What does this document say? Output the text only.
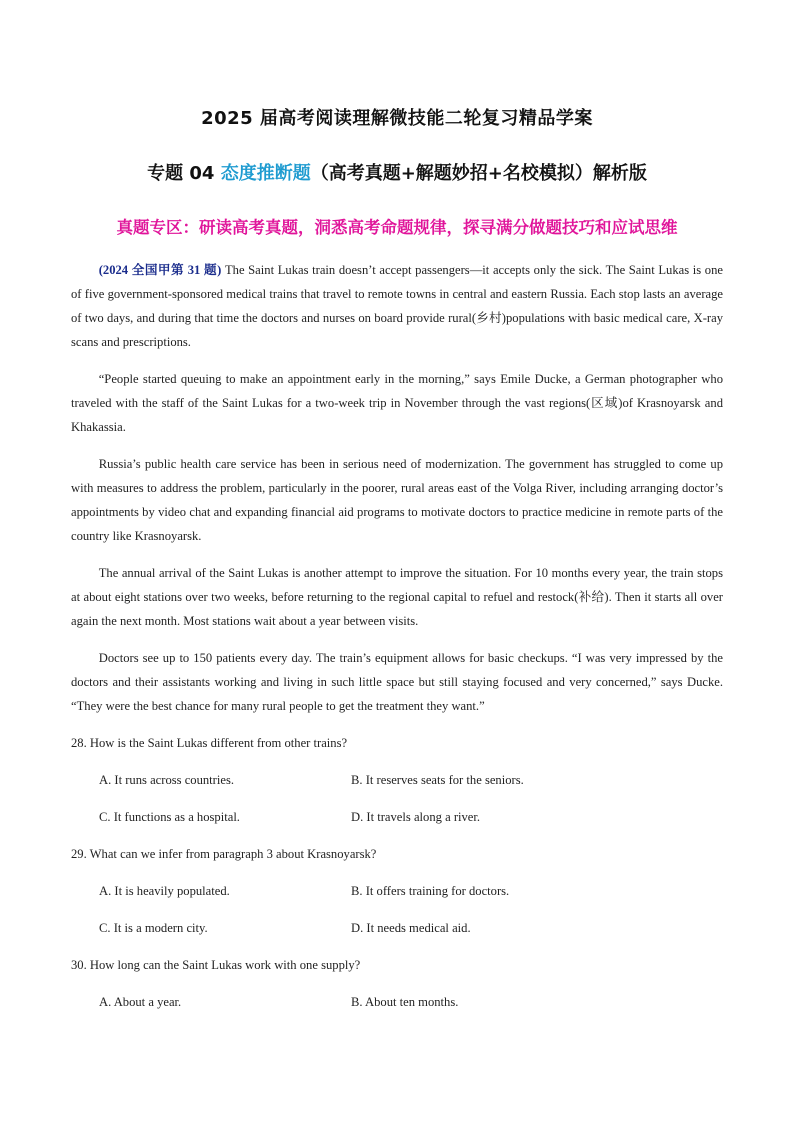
2025 届高考阅读理解微技能二轮复习精品学案
专题 04 态度推断题（高考真题+解题妙招+名校模拟）解析版
真题专区：研读高考真题，洞悉高考命题规律，探寻满分做题技巧和应试思维

(2024 全国甲第 31 题) The Saint Lukas train doesn’t accept passengers—it accepts only the sick. The Saint Lukas is one of five government-sponsored medical trains that travel to remote towns in central and eastern Russia. Each stop lasts an average of two days, and during that time the doctors and nurses on board provide rural(乡村)populations with basic medical care, X-ray scans and prescriptions.

“People started queuing to make an appointment early in the morning,” says Emile Ducke, a German photographer who traveled with the staff of the Saint Lukas for a two-week trip in November through the vast regions(区域)of Krasnoyarsk and Khakassia.

Russia’s public health care service has been in serious need of modernization. The government has struggled to come up with measures to address the problem, particularly in the poorer, rural areas east of the Volga River, including arranging doctor’s appointments by video chat and expanding financial aid programs to motivate doctors to practice medicine in remote parts of the country like Krasnoyarsk.

The annual arrival of the Saint Lukas is another attempt to improve the situation. For 10 months every year, the train stops at about eight stations over two weeks, before returning to the regional capital to refuel and restock(补给). Then it starts all over again the next month. Most stations wait about a year between visits.

Doctors see up to 150 patients every day. The train’s equipment allows for basic checkups. “I was very impressed by the doctors and their assistants working and living in such little space but still staying focused and very concerned,” says Ducke. “They were the best chance for many rural people to get the treatment they want.”

28. How is the Saint Lukas different from other trains?
A. It runs across countries.	B. It reserves seats for the seniors.
C. It functions as a hospital.	D. It travels along a river.
29. What can we infer from paragraph 3 about Krasnoyarsk?
A. It is heavily populated.	B. It offers training for doctors.
C. It is a modern city.	D. It needs medical aid.
30. How long can the Saint Lukas work with one supply?
A. About a year.	B. About ten months.
